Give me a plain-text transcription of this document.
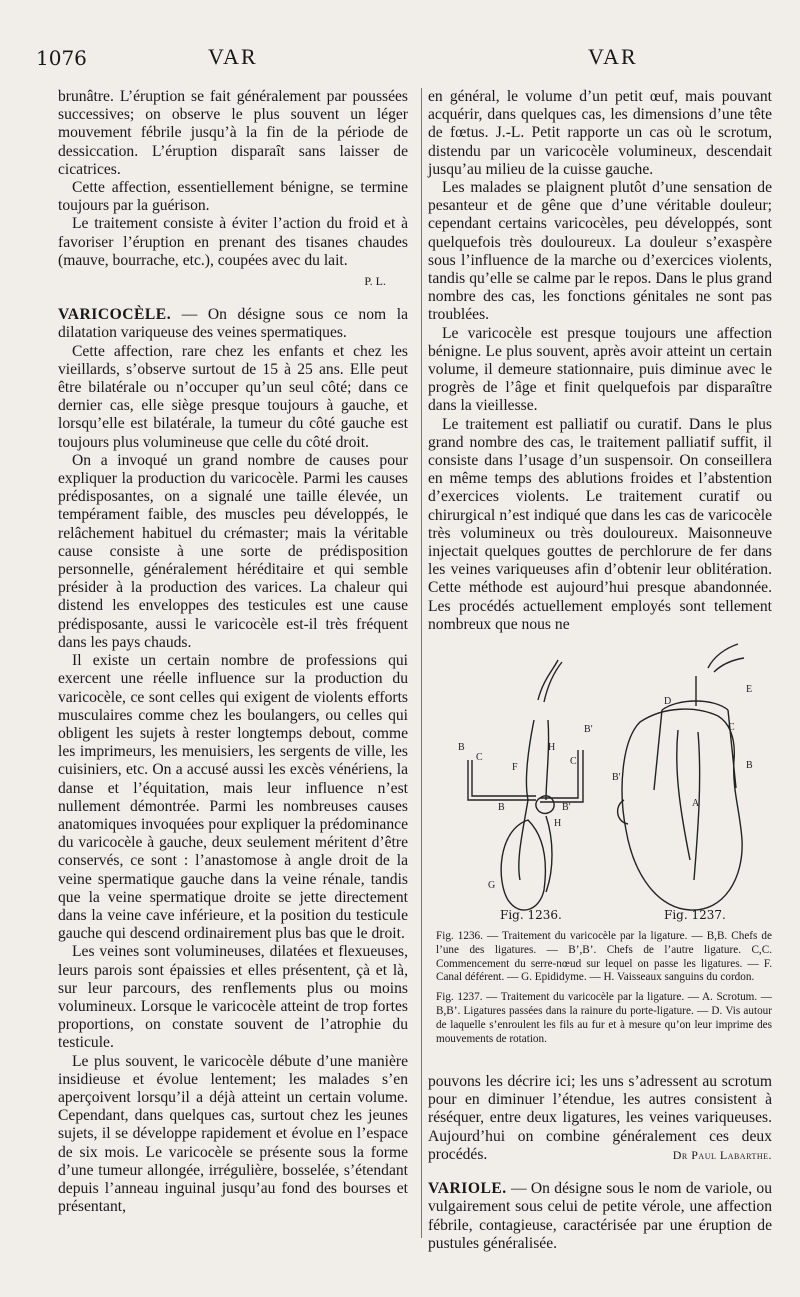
1076	VAR	VAR

brunâtre. L’éruption se fait généralement par poussées successives; on observe le plus souvent un léger mouvement fébrile jusqu’à la fin de la période de dessiccation. L’éruption disparaît sans laisser de cicatrices.

Cette affection, essentiellement bénigne, se termine toujours par la guérison.

Le traitement consiste à éviter l’action du froid et à favoriser l’éruption en prenant des tisanes chaudes (mauve, bourrache, etc.), coupées avec du lait.

P. L.

VARICOCÈLE. — On désigne sous ce nom la dilatation variqueuse des veines spermatiques.

Cette affection, rare chez les enfants et chez les vieillards, s’observe surtout de 15 à 25 ans. Elle peut être bilatérale ou n’occuper qu’un seul côté; dans ce dernier cas, elle siège presque toujours à gauche, et lorsqu’elle est bilatérale, la tumeur du côté gauche est toujours plus volumineuse que celle du côté droit.

On a invoqué un grand nombre de causes pour expliquer la production du varicocèle. Parmi les causes prédisposantes, on a signalé une taille élevée, un tempérament faible, des muscles peu développés, le relâchement habituel du crémaster; mais la véritable cause consiste à une sorte de prédisposition personnelle, généralement héréditaire et qui semble présider à la production des varices. La chaleur qui distend les enveloppes des testicules est une cause prédisposante, aussi le varicocèle est-il très fréquent dans les pays chauds.

Il existe un certain nombre de professions qui exercent une réelle influence sur la production du varicocèle, ce sont celles qui exigent de violents efforts musculaires comme chez les boulangers, ou celles qui obligent les sujets à rester longtemps debout, comme les imprimeurs, les menuisiers, les sergents de ville, les cuisiniers, etc. On a accusé aussi les excès vénériens, la danse et l’équitation, mais leur influence n’est nullement démontrée. Parmi les nombreuses causes anatomiques invoquées pour expliquer la prédominance du varicocèle à gauche, deux seulement méritent d’être conservés, ce sont : l’anastomose à angle droit de la veine spermatique gauche dans la veine rénale, tandis que la veine spermatique droite se jette directement dans la veine cave inférieure, et la position du testicule gauche qui descend ordinairement plus bas que le droit.

Les veines sont volumineuses, dilatées et flexueuses, leurs parois sont épaissies et elles présentent, çà et là, sur leur parcours, des renflements plus ou moins volumineux. Lorsque le varicocèle atteint de trop fortes proportions, on constate souvent de l’atrophie du testicule.

Le plus souvent, le varicocèle débute d’une manière insidieuse et évolue lentement; les malades s’en aperçoivent lorsqu’il a déjà atteint un certain volume. Cependant, dans quelques cas, surtout chez les jeunes sujets, il se développe rapidement et évolue en l’espace de six mois. Le varicocèle se présente sous la forme d’une tumeur allongée, irrégulière, bosselée, s’étendant depuis l’anneau inguinal jusqu’au fond des bourses et présentant,

en général, le volume d’un petit œuf, mais pouvant acquérir, dans quelques cas, les dimensions d’une tête de fœtus. J.-L. Petit rapporte un cas où le scrotum, distendu par un varicocèle volumineux, descendait jusqu’au milieu de la cuisse gauche.

Les malades se plaignent plutôt d’une sensation de pesanteur et de gêne que d’une véritable douleur; cependant certains varicocèles, peu développés, sont quelquefois très douloureux. La douleur s’exaspère sous l’influence de la marche ou d’exercices violents, tandis qu’elle se calme par le repos. Dans le plus grand nombre des cas, les fonctions génitales ne sont pas troublées.

Le varicocèle est presque toujours une affection bénigne. Le plus souvent, après avoir atteint un certain volume, il demeure stationnaire, puis diminue avec le progrès de l’âge et finit quelquefois par disparaître dans la vieillesse.

Le traitement est palliatif ou curatif. Dans le plus grand nombre des cas, le traitement palliatif suffit, il consiste dans l’usage d’un suspensoir. On conseillera en même temps des ablutions froides et l’abstention d’exercices violents. Le traitement curatif ou chirurgical n’est indiqué que dans les cas de varicocèle très volumineux ou très douloureux. Maisonneuve injectait quelques gouttes de perchlorure de fer dans les veines variqueuses afin d’obtenir leur oblitération. Cette méthode est aujourd’hui presque abandonnée. Les procédés actuellement employés sont tellement nombreux que nous ne

B
C
F
H
B′
C
B	B′
H
G
D
E
C
B
B′
A
Fig. 1236.	Fig. 1237.

Fig. 1236. — Traitement du varicocèle par la ligature. — B,B. Chefs de l’une des ligatures. — B’,B’. Chefs de l’autre ligature. C,C. Commencement du serre-nœud sur lequel on passe les ligatures. — F. Canal déférent. — G. Epididyme. — H. Vaisseaux sanguins du cordon.

Fig. 1237. — Traitement du varicocèle par la ligature. — A. Scrotum. — B,B’. Ligatures passées dans la rainure du porte-ligature. — D. Vis autour de laquelle s’enroulent les fils au fur et à mesure qu’on leur imprime des mouvements de rotation.

pouvons les décrire ici; les uns s’adressent au scrotum pour en diminuer l’étendue, les autres consistent à réséquer, entre deux ligatures, les veines variqueuses. Aujourd’hui on combine généralement ces deux procédés.	Dr Paul Labarthe.

VARIOLE. — On désigne sous le nom de variole, ou vulgairement sous celui de petite vérole, une affection fébrile, contagieuse, caractérisée par une éruption de pustules généralisée.
